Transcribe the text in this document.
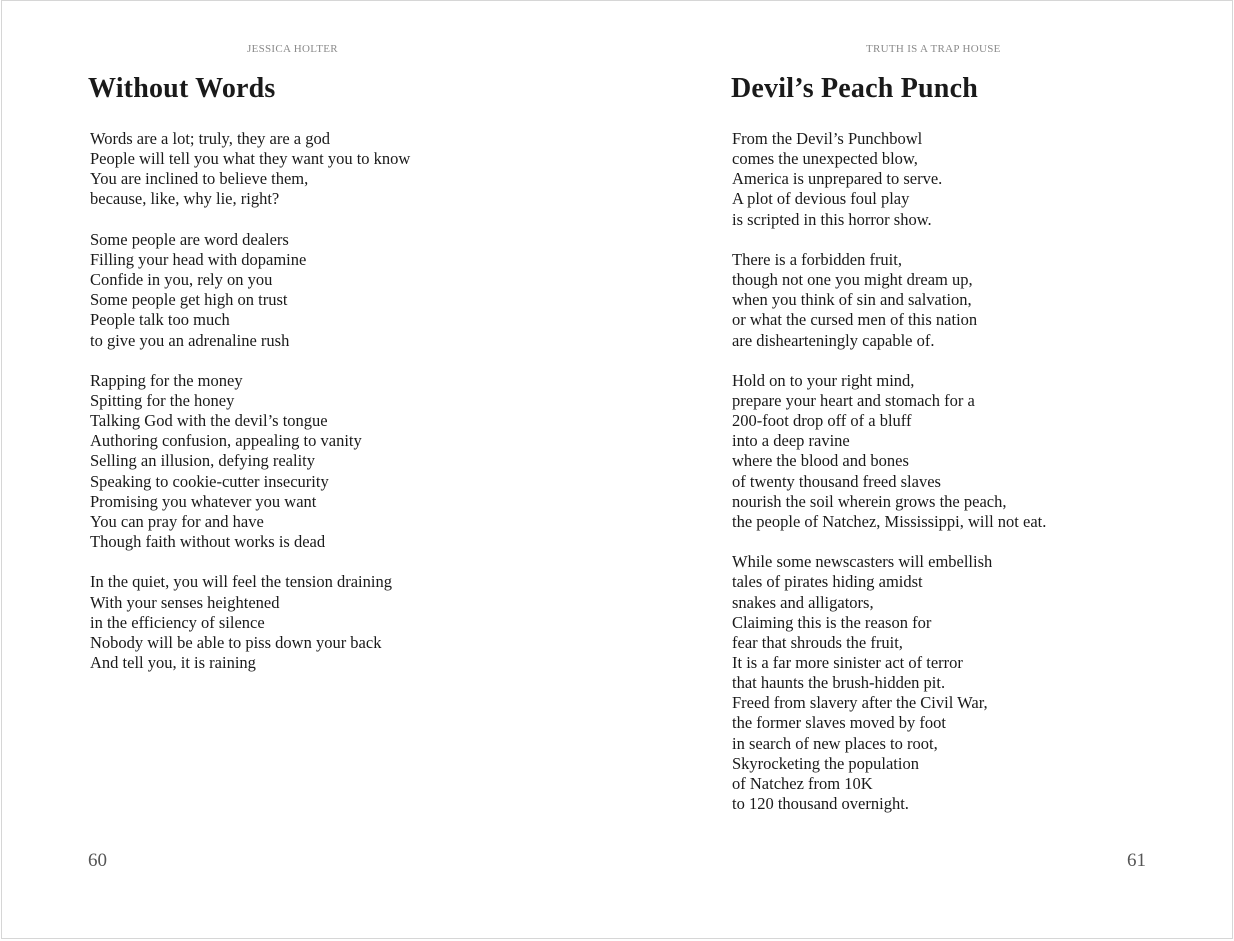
JESSICA HOLTER
Without Words
Words are a lot; truly, they are a god
People will tell you what they want you to know
You are inclined to believe them,
because, like, why lie, right?
Some people are word dealers
Filling your head with dopamine
Confide in you, rely on you
Some people get high on trust
People talk too much
to give you an adrenaline rush
Rapping for the money
Spitting for the honey
Talking God with the devil’s tongue
Authoring confusion, appealing to vanity
Selling an illusion, defying reality
Speaking to cookie-cutter insecurity
Promising you whatever you want
You can pray for and have
Though faith without works is dead
In the quiet, you will feel the tension draining
With your senses heightened
in the efficiency of silence
Nobody will be able to piss down your back
And tell you, it is raining
60
TRUTH IS A TRAP HOUSE
Devil’s Peach Punch
From the Devil’s Punchbowl
comes the unexpected blow,
America is unprepared to serve.
A plot of devious foul play
is scripted in this horror show.
There is a forbidden fruit,
though not one you might dream up,
when you think of sin and salvation,
or what the cursed men of this nation
are dishearteningly capable of.
Hold on to your right mind,
prepare your heart and stomach for a
200-foot drop off of a bluff
into a deep ravine
where the blood and bones
of twenty thousand freed slaves
nourish the soil wherein grows the peach,
the people of Natchez, Mississippi, will not eat.
While some newscasters will embellish
tales of pirates hiding amidst
snakes and alligators,
Claiming this is the reason for
fear that shrouds the fruit,
It is a far more sinister act of terror
that haunts the brush-hidden pit.
Freed from slavery after the Civil War,
the former slaves moved by foot
in search of new places to root,
Skyrocketing the population
of Natchez from 10K
to 120 thousand overnight.
61
